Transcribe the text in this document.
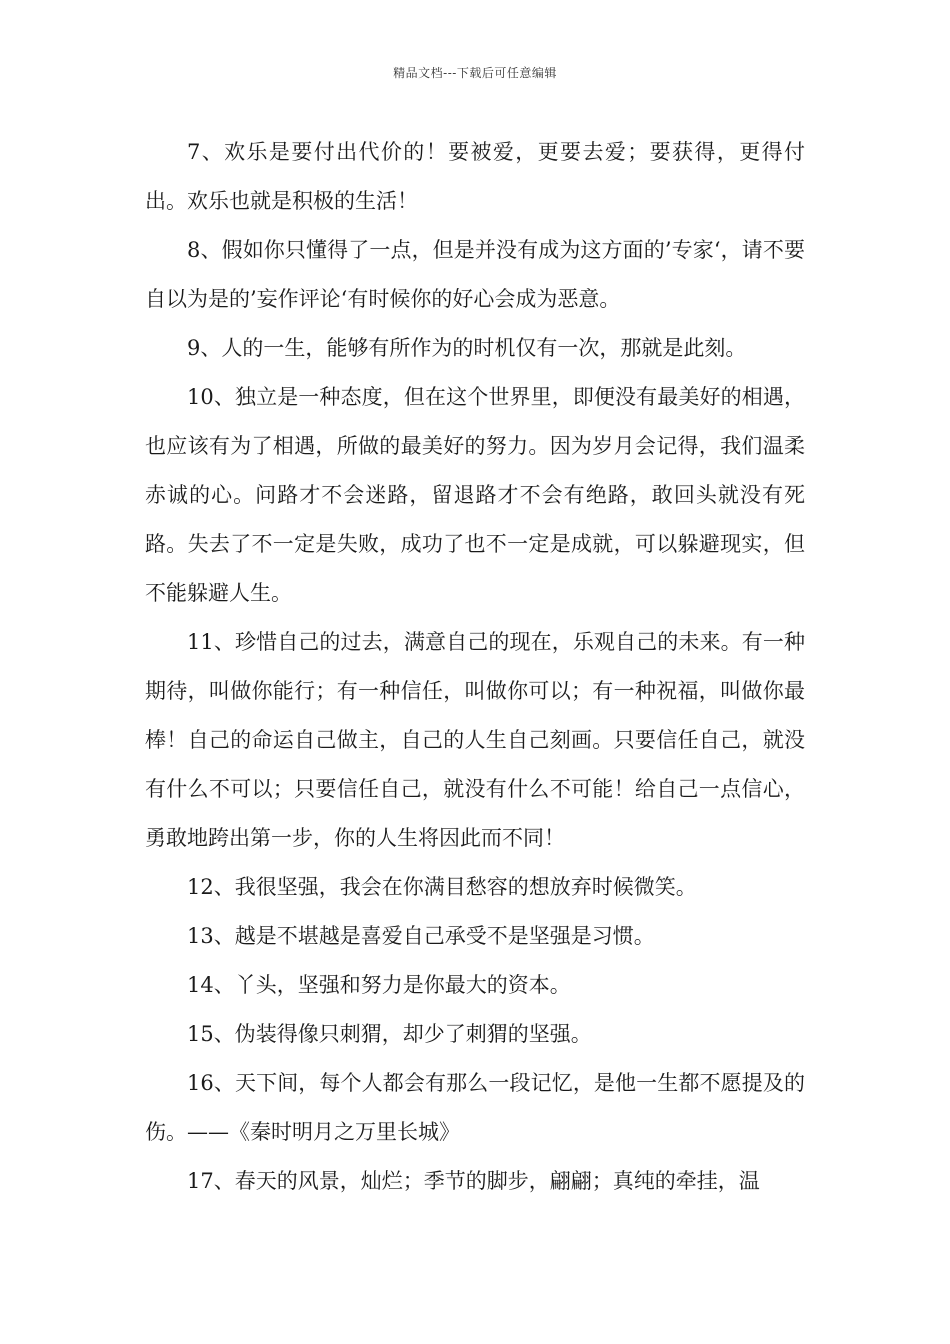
精品文档---下载后可任意编辑

7、欢乐是要付出代价的！要被爱，更要去爱；要获得，更得付出。欢乐也就是积极的生活！

8、假如你只懂得了一点，但是并没有成为这方面的’专家‘，请不要自以为是的’妄作评论‘有时候你的好心会成为恶意。

9、人的一生，能够有所作为的时机仅有一次，那就是此刻。

10、独立是一种态度，但在这个世界里，即便没有最美好的相遇，也应该有为了相遇，所做的最美好的努力。因为岁月会记得，我们温柔赤诚的心。问路才不会迷路，留退路才不会有绝路，敢回头就没有死路。失去了不一定是失败，成功了也不一定是成就，可以躲避现实，但不能躲避人生。

11、珍惜自己的过去，满意自己的现在，乐观自己的未来。有一种期待，叫做你能行；有一种信任，叫做你可以；有一种祝福，叫做你最棒！自己的命运自己做主，自己的人生自己刻画。只要信任自己，就没有什么不可以；只要信任自己，就没有什么不可能！给自己一点信心，勇敢地跨出第一步，你的人生将因此而不同！

12、我很坚强，我会在你满目愁容的想放弃时候微笑。

13、越是不堪越是喜爱自己承受不是坚强是习惯。

14、丫头，坚强和努力是你最大的资本。

15、伪装得像只刺猬，却少了刺猬的坚强。

16、天下间，每个人都会有那么一段记忆，是他一生都不愿提及的伤。——《秦时明月之万里长城》

17、春天的风景，灿烂；季节的脚步，翩翩；真纯的牵挂，温
